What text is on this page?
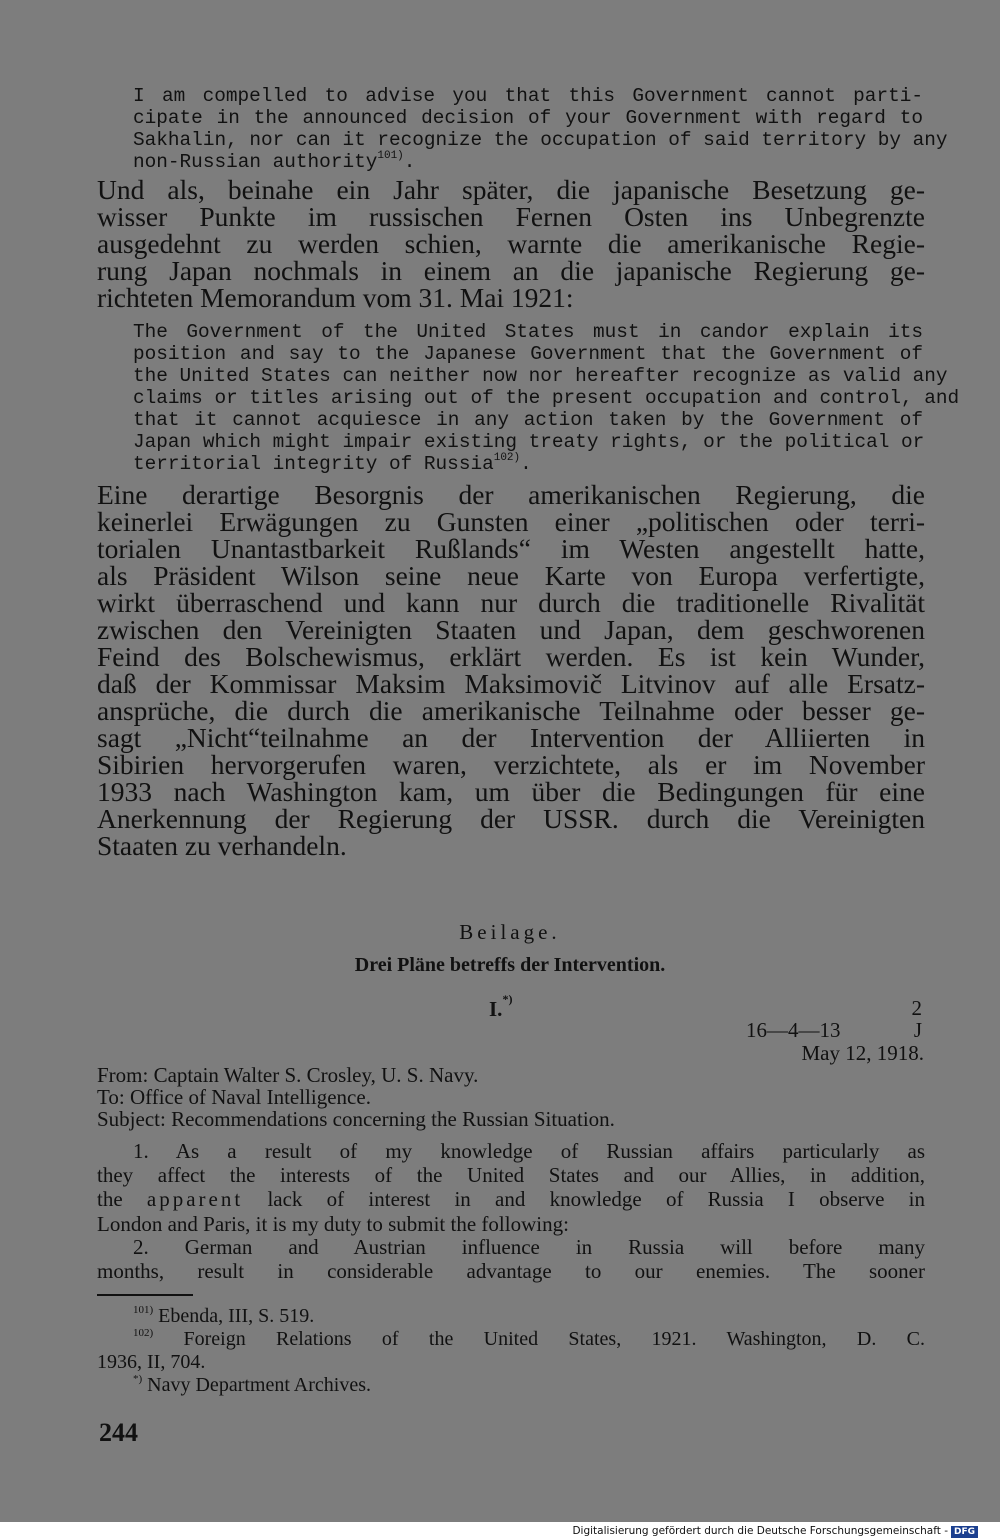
I am compelled to advise you that this Government cannot parti-
cipate in the announced decision of your Government with regard to
Sakhalin, nor can it recognize the occupation of said territory by any
non-Russian authority$^{101)}$.
Und als, beinahe ein Jahr später, die japanische Besetzung ge-
wisser Punkte im russischen Fernen Osten ins Unbegrenzte
ausgedehnt zu werden schien, warnte die amerikanische Regie-
rung Japan nochmals in einem an die japanische Regierung ge-
richteten Memorandum vom 31. Mai 1921:
The Government of the United States must in candor explain its
position and say to the Japanese Government that the Government of
the United States can neither now nor hereafter recognize as valid any
claims or titles arising out of the present occupation and control, and
that it cannot acquiesce in any action taken by the Government of
Japan which might impair existing treaty rights, or the political or
territorial integrity of Russia$^{102)}$.
Eine derartige Besorgnis der amerikanischen Regierung, die
keinerlei Erwägungen zu Gunsten einer „politischen oder terri-
torialen Unantastbarkeit Rußlands“ im Westen angestellt hatte,
als Präsident Wilson seine neue Karte von Europa verfertigte,
wirkt überraschend und kann nur durch die traditionelle Rivalität
zwischen den Vereinigten Staaten und Japan, dem geschworenen
Feind des Bolschewismus, erklärt werden. Es ist kein Wunder,
daß der Kommissar Maksim Maksimovič Litvinov auf alle Ersatz-
ansprüche, die durch die amerikanische Teilnahme oder besser ge-
sagt „Nicht“teilnahme an der Intervention der Alliierten in
Sibirien hervorgerufen waren, verzichtete, als er im November
1933 nach Washington kam, um über die Bedingungen für eine
Anerkennung der Regierung der USSR. durch die Vereinigten
Staaten zu verhandeln.
Beilage.
Drei Pläne betreffs der Intervention.
I.*)	2
16—4—13	J
May 12, 1918.
From: Captain Walter S. Crosley, U. S. Navy.
To: Office of Naval Intelligence.
Subject: Recommendations concerning the Russian Situation.
1. As a result of my knowledge of Russian affairs particularly as
they affect the interests of the United States and our Allies, in addition,
the apparent lack of interest in and knowledge of Russia I observe in
London and Paris, it is my duty to submit the following:
2. German and Austrian influence in Russia will before many
months, result in considerable advantage to our enemies. The sooner
$^{101)}$ Ebenda, III, S. 519.
$^{102)}$ Foreign Relations of the United States, 1921. Washington, D. C.
1936, II, 704.
*) Navy Department Archives.
244
Digitalisierung gefördert durch die Deutsche Forschungsgemeinschaft - DFG
